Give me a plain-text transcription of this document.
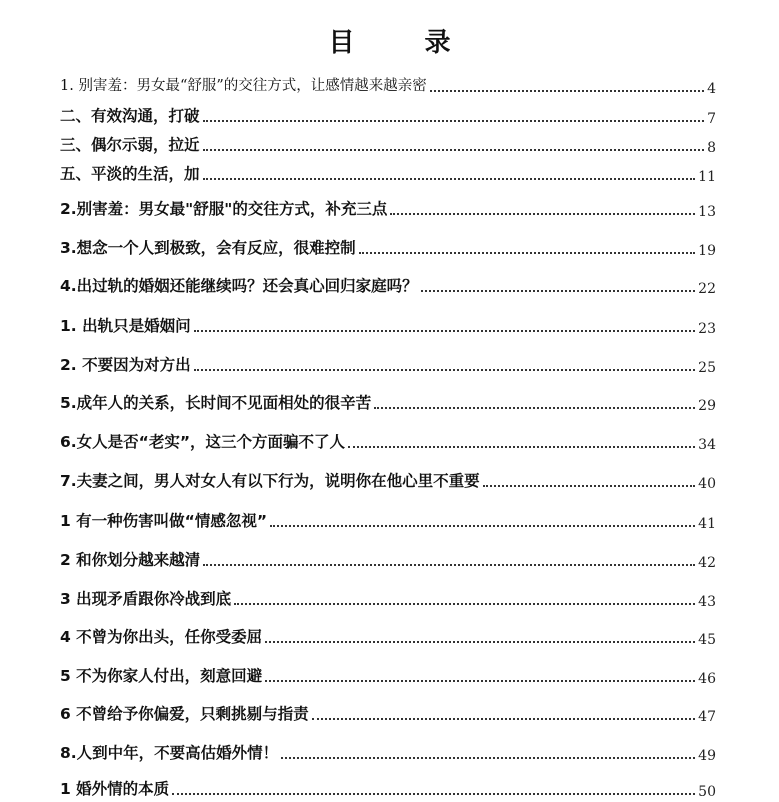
目　录
1. 别害羞：男女最“舒服”的交往方式，让感情越来越亲密	4
二、有效沟通，打破	7
三、偶尔示弱，拉近	8
五、平淡的生活，加	11
2.别害羞：男女最"舒服"的交往方式，补充三点	13
3.想念一个人到极致，会有反应，很难控制	19
4.出过轨的婚姻还能继续吗？还会真心回归家庭吗？	22
1. 出轨只是婚姻问	23
2. 不要因为对方出	25
5.成年人的关系，长时间不见面相处的很辛苦	29
6.女人是否“老实”，这三个方面骗不了人	34
7.夫妻之间，男人对女人有以下行为，说明你在他心里不重要	40
1 有一种伤害叫做“情感忽视”	41
2 和你划分越来越清	42
3 出现矛盾跟你冷战到底	43
4 不曾为你出头，任你受委屈	45
5 不为你家人付出，刻意回避	46
6 不曾给予你偏爱，只剩挑剔与指责	47
8.人到中年，不要高估婚外情！	49
1 婚外情的本质	50
